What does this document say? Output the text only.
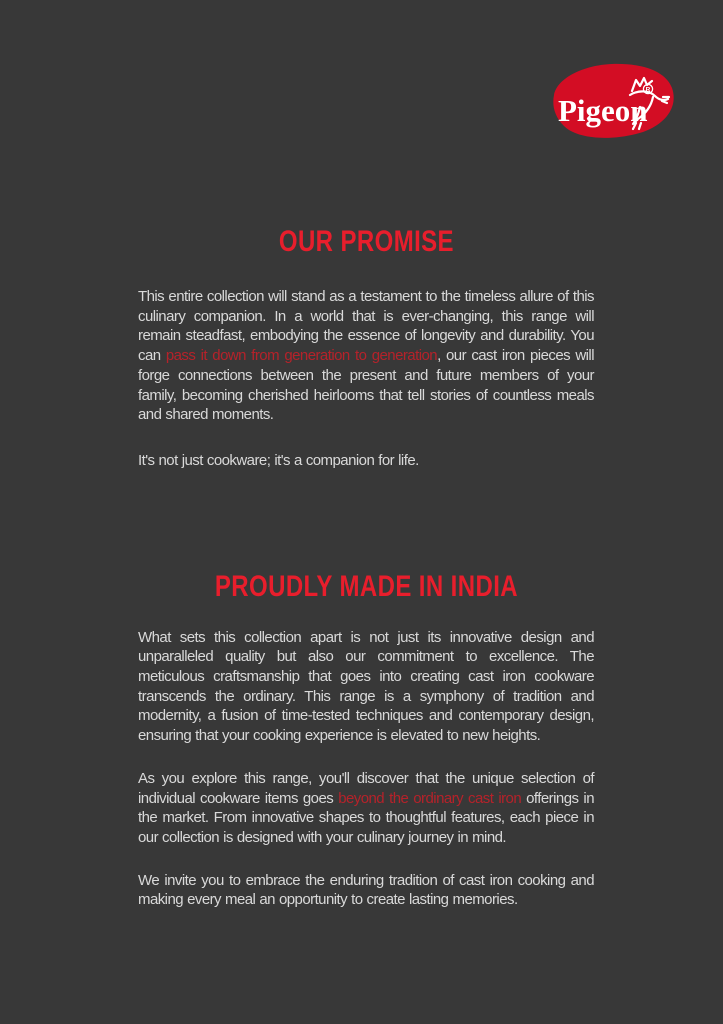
Pigeon
R
OUR PROMISE

This entire collection will stand as a testament to the timeless allure of this culinary companion. In a world that is ever-changing, this range will remain steadfast, embodying the essence of longevity and durability. You can pass it down from generation to generation, our cast iron pieces will forge connections between the present and future members of your family, becoming cherished heirlooms that tell stories of countless meals and shared moments.

It's not just cookware; it's a companion for life.

PROUDLY MADE IN INDIA

What sets this collection apart is not just its innovative design and unparalleled quality but also our commitment to excellence. The meticulous craftsmanship that goes into creating cast iron cookware transcends the ordinary. This range is a symphony of tradition and modernity, a fusion of time-tested techniques and contemporary design, ensuring that your cooking experience is elevated to new heights.

As you explore this range, you'll discover that the unique selection of individual cookware items goes beyond the ordinary cast iron offerings in the market. From innovative shapes to thoughtful features, each piece in our collection is designed with your culinary journey in mind.

We invite you to embrace the enduring tradition of cast iron cooking and making every meal an opportunity to create lasting memories.
